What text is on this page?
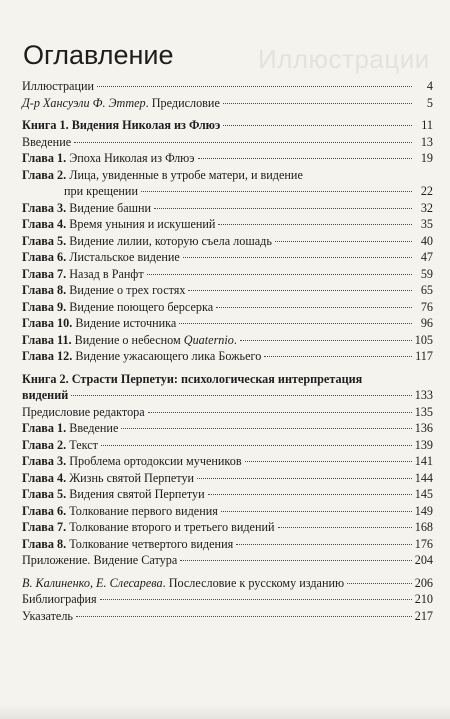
Иллюстрации
Оглавление
Иллюстрации	4
Д-р Хансуэли Ф. Эттер. Предисловие	5
Книга 1. Видения Николая из Флюэ	11
Введение	13
Глава 1. Эпоха Николая из Флюэ	19
Глава 2. Лица, увиденные в утробе матери, и видение
при крещении	22
Глава 3. Видение башни	32
Глава 4. Время уныния и искушений	35
Глава 5. Видение лилии, которую съела лошадь	40
Глава 6. Листальское видение	47
Глава 7. Назад в Ранфт	59
Глава 8. Видение о трех гостях	65
Глава 9. Видение поющего берсерка	76
Глава 10. Видение источника	96
Глава 11. Видение о небесном Quaternio.	105
Глава 12. Видение ужасающего лика Божьего	117
Книга 2. Страсти Перпетуи: психологическая интерпретация
видений	133
Предисловие редактора	135
Глава 1. Введение	136
Глава 2. Текст	139
Глава 3. Проблема ортодоксии мучеников	141
Глава 4. Жизнь святой Перпетуи	144
Глава 5. Видения святой Перпетуи	145
Глава 6. Толкование первого видения	149
Глава 7. Толкование второго и третьего видений	168
Глава 8. Толкование четвертого видения	176
Приложение. Видение Сатура	204
В. Калиненко, Е. Слесарева. Послесловие к русскому изданию	206
Библиография	210
Указатель	217
